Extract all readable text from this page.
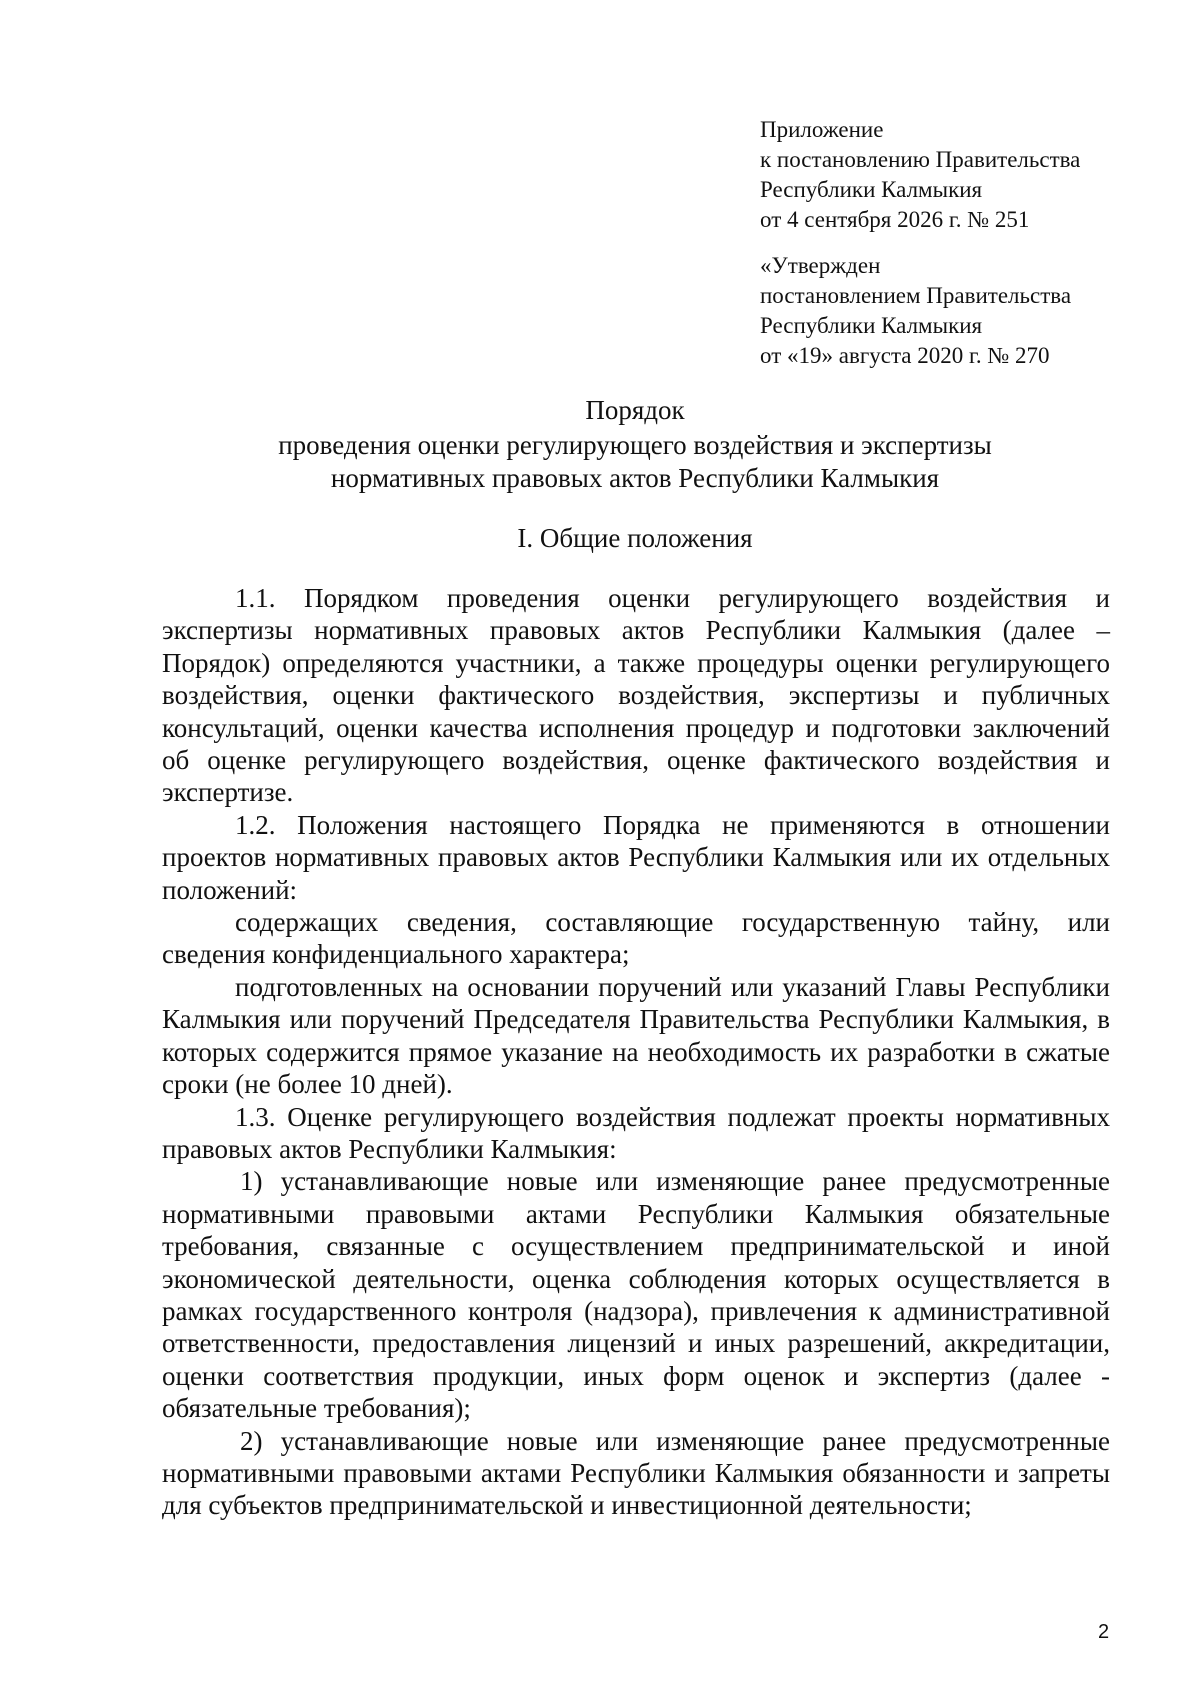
Приложение
к постановлению Правительства
Республики Калмыкия
от 4 сентября 2026 г. № 251
«Утвержден
постановлением Правительства
Республики Калмыкия
от «19» августа 2020 г. № 270
Порядок
проведения оценки регулирующего воздействия и экспертизы
нормативных правовых актов Республики Калмыкия
I. Общие положения

1.1. Порядком проведения оценки регулирующего воздействия и экспертизы нормативных правовых актов Республики Калмыкия (далее – Порядок) определяются участники, а также процедуры оценки регулирующего воздействия, оценки фактического воздействия, экспертизы и публичных консультаций, оценки качества исполнения процедур и подготовки заключений об оценке регулирующего воздействия, оценке фактического воздействия и экспертизе.

1.2. Положения настоящего Порядка не применяются в отношении проектов нормативных правовых актов Республики Калмыкия или их отдельных положений:

содержащих сведения, составляющие государственную тайну, или сведения конфиденциального характера;

подготовленных на основании поручений или указаний Главы Республики Калмыкия или поручений Председателя Правительства Республики Калмыкия, в которых содержится прямое указание на необходимость их разработки в сжатые сроки (не более 10 дней).

1.3. Оценке регулирующего воздействия подлежат проекты нормативных правовых актов Республики Калмыкия:

1) устанавливающие новые или изменяющие ранее предусмотренные нормативными правовыми актами Республики Калмыкия обязательные требования, связанные с осуществлением предпринимательской и иной экономической деятельности, оценка соблюдения которых осуществляется в рамках государственного контроля (надзора), привлечения к административной ответственности, предоставления лицензий и иных разрешений, аккредитации, оценки соответствия продукции, иных форм оценок и экспертиз (далее - обязательные требования);

2) устанавливающие новые или изменяющие ранее предусмотренные нормативными правовыми актами Республики Калмыкия обязанности и запреты для субъектов предпринимательской и инвестиционной деятельности;

2
